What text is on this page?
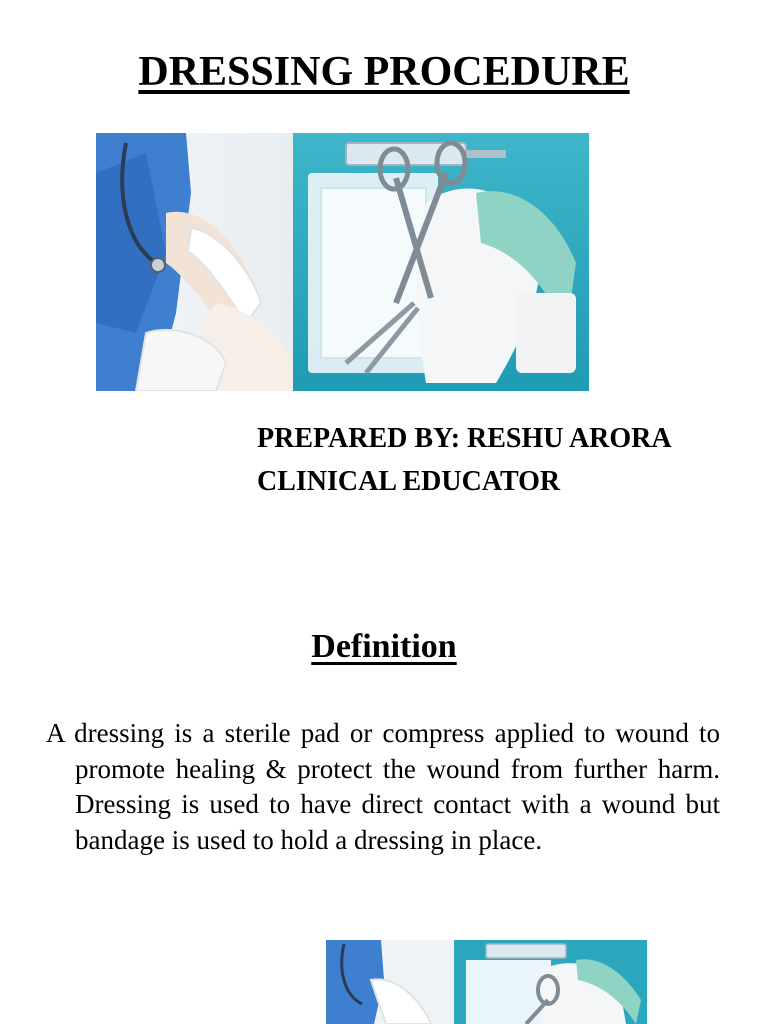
DRESSING PROCEDURE
PREPARED BY: RESHU ARORA
CLINICAL EDUCATOR
Definition

A dressing is a sterile pad or compress applied to wound to promote healing & protect the wound from further harm. Dressing is used to have direct contact with a wound but bandage is used to hold a dressing in place.
